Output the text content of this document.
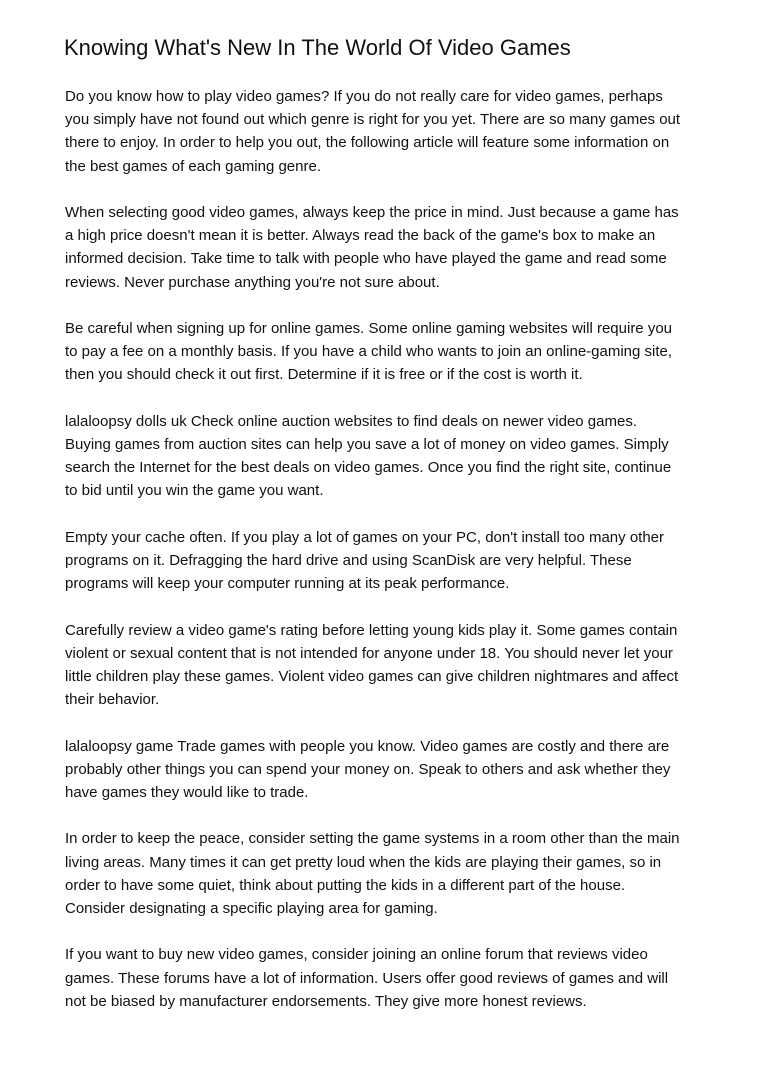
Knowing What's New In The World Of Video Games

Do you know how to play video games? If you do not really care for video games, perhaps
you simply have not found out which genre is right for you yet. There are so many games out
there to enjoy. In order to help you out, the following article will feature some information on
the best games of each gaming genre.

When selecting good video games, always keep the price in mind. Just because a game has
a high price doesn't mean it is better. Always read the back of the game's box to make an
informed decision. Take time to talk with people who have played the game and read some
reviews. Never purchase anything you're not sure about.

Be careful when signing up for online games. Some online gaming websites will require you
to pay a fee on a monthly basis. If you have a child who wants to join an online-gaming site,
then you should check it out first. Determine if it is free or if the cost is worth it.

lalaloopsy dolls uk Check online auction websites to find deals on newer video games.
Buying games from auction sites can help you save a lot of money on video games. Simply
search the Internet for the best deals on video games. Once you find the right site, continue
to bid until you win the game you want.

Empty your cache often. If you play a lot of games on your PC, don't install too many other
programs on it. Defragging the hard drive and using ScanDisk are very helpful. These
programs will keep your computer running at its peak performance.

Carefully review a video game's rating before letting young kids play it. Some games contain
violent or sexual content that is not intended for anyone under 18. You should never let your
little children play these games. Violent video games can give children nightmares and affect
their behavior.

lalaloopsy game Trade games with people you know. Video games are costly and there are
probably other things you can spend your money on. Speak to others and ask whether they
have games they would like to trade.

In order to keep the peace, consider setting the game systems in a room other than the main
living areas. Many times it can get pretty loud when the kids are playing their games, so in
order to have some quiet, think about putting the kids in a different part of the house.
Consider designating a specific playing area for gaming.

If you want to buy new video games, consider joining an online forum that reviews video
games. These forums have a lot of information. Users offer good reviews of games and will
not be biased by manufacturer endorsements. They give more honest reviews.
